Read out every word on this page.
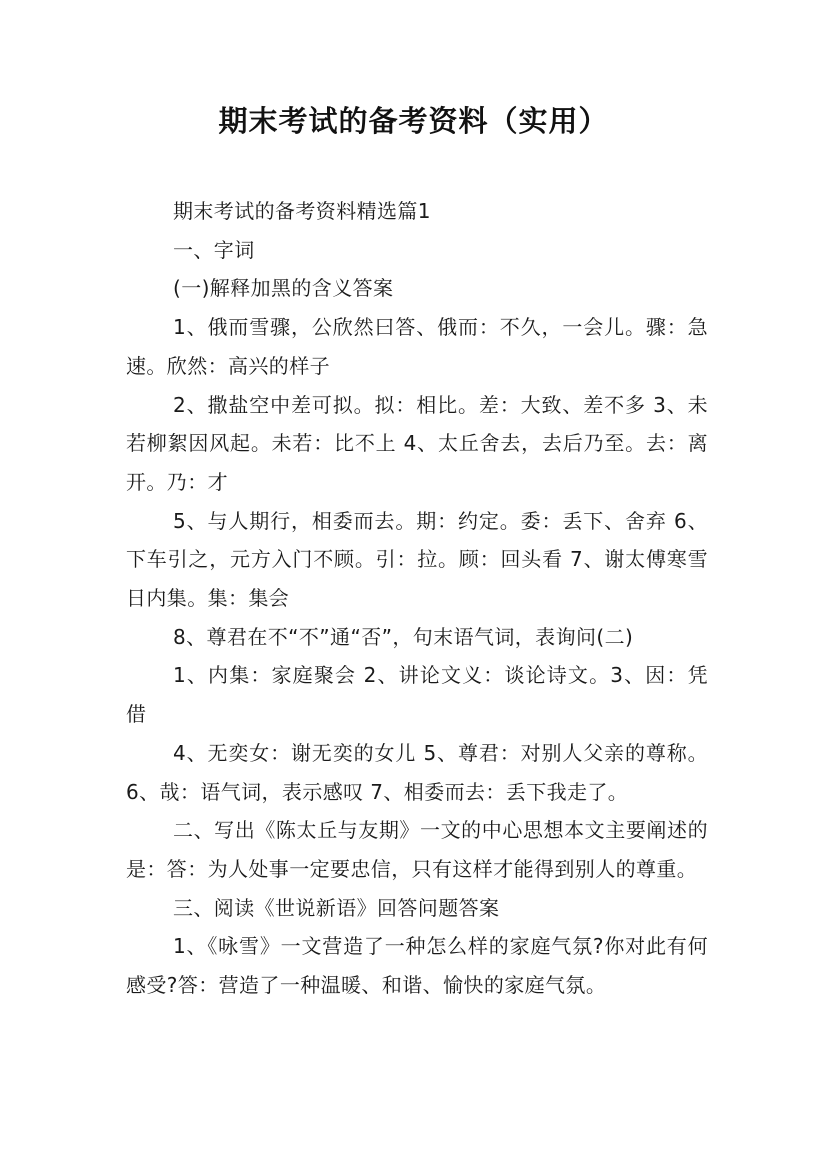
期末考试的备考资料（实用）

期末考试的备考资料精选篇1

一、字词

(一)解释加黑的含义答案

1、俄而雪骤，公欣然曰答、俄而：不久，一会儿。骤：急速。欣然：高兴的样子

2、撒盐空中差可拟。拟：相比。差：大致、差不多 3、未若柳絮因风起。未若：比不上 4、太丘舍去，去后乃至。去：离开。乃：才

5、与人期行，相委而去。期：约定。委：丢下、舍弃 6、下车引之，元方入门不顾。引：拉。顾：回头看 7、谢太傅寒雪日内集。集：集会

8、尊君在不“不”通“否”，句末语气词，表询问(二)

1、内集：家庭聚会 2、讲论文义：谈论诗文。3、因：凭借

4、无奕女：谢无奕的女儿 5、尊君：对别人父亲的尊称。6、哉：语气词，表示感叹 7、相委而去：丢下我走了。

二、写出《陈太丘与友期》一文的中心思想本文主要阐述的是：答：为人处事一定要忠信，只有这样才能得到别人的尊重。

三、阅读《世说新语》回答问题答案

1、《咏雪》一文营造了一种怎么样的家庭气氛?你对此有何感受?答：营造了一种温暖、和谐、愉快的家庭气氛。
